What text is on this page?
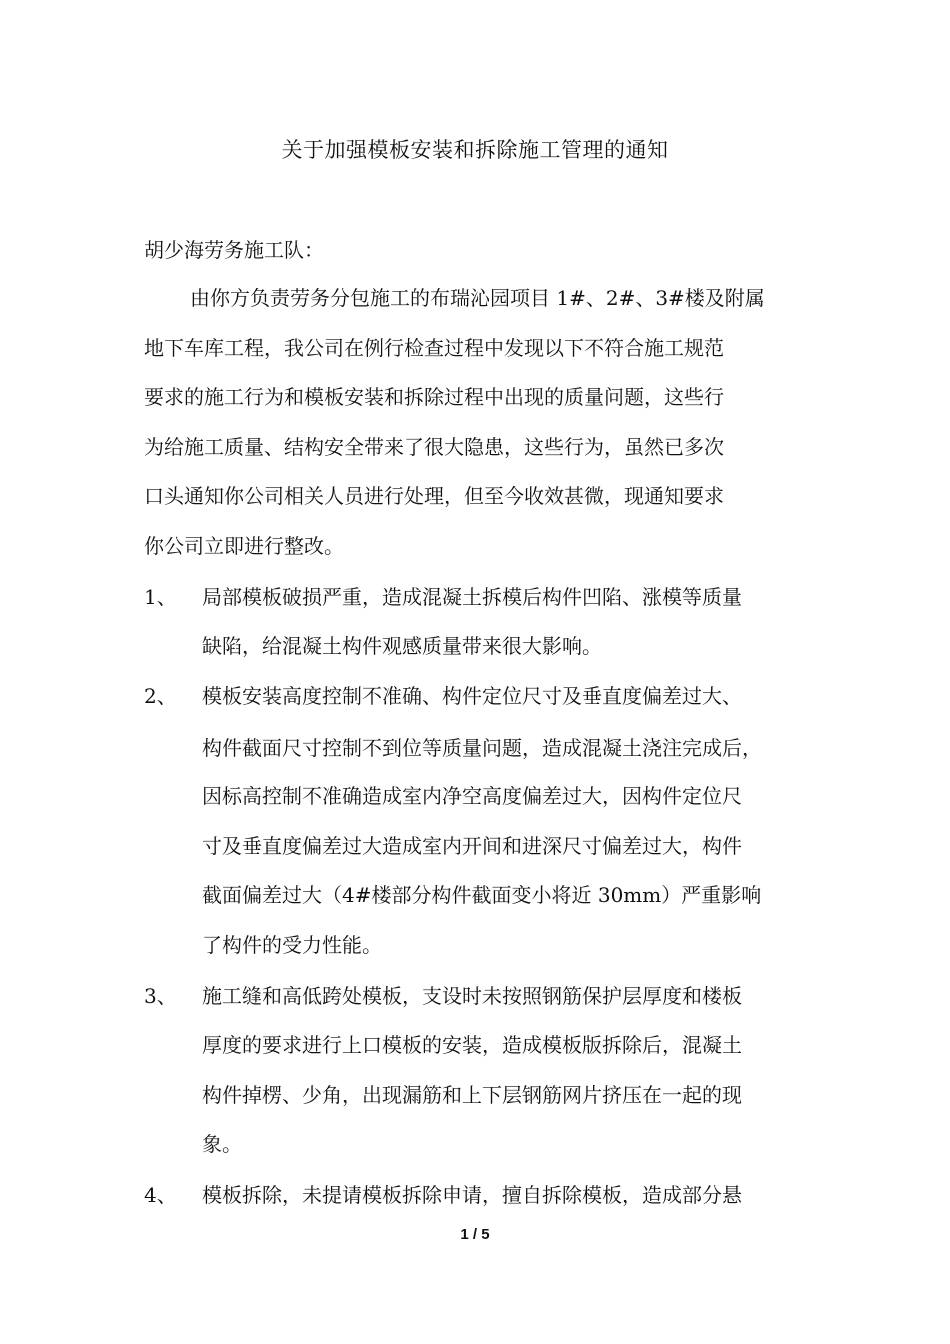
关于加强模板安装和拆除施工管理的通知
胡少海劳务施工队：
由你方负责劳务分包施工的布瑞沁园项目 1#、2#、3#楼及附属
地下车库工程，我公司在例行检查过程中发现以下不符合施工规范
要求的施工行为和模板安装和拆除过程中出现的质量问题，这些行
为给施工质量、结构安全带来了很大隐患，这些行为，虽然已多次
口头通知你公司相关人员进行处理，但至今收效甚微，现通知要求
你公司立即进行整改。
1、 局部模板破损严重，造成混凝土拆模后构件凹陷、涨模等质量
缺陷，给混凝土构件观感质量带来很大影响。
2、 模板安装高度控制不准确、构件定位尺寸及垂直度偏差过大、
构件截面尺寸控制不到位等质量问题，造成混凝土浇注完成后，
因标高控制不准确造成室内净空高度偏差过大，因构件定位尺
寸及垂直度偏差过大造成室内开间和进深尺寸偏差过大，构件
截面偏差过大（4#楼部分构件截面变小将近 30mm）严重影响
了构件的受力性能。
3、 施工缝和高低跨处模板，支设时未按照钢筋保护层厚度和楼板
厚度的要求进行上口模板的安装，造成模板版拆除后，混凝土
构件掉楞、少角，出现漏筋和上下层钢筋网片挤压在一起的现
象。
4、 模板拆除，未提请模板拆除申请，擅自拆除模板，造成部分悬
1 / 5
